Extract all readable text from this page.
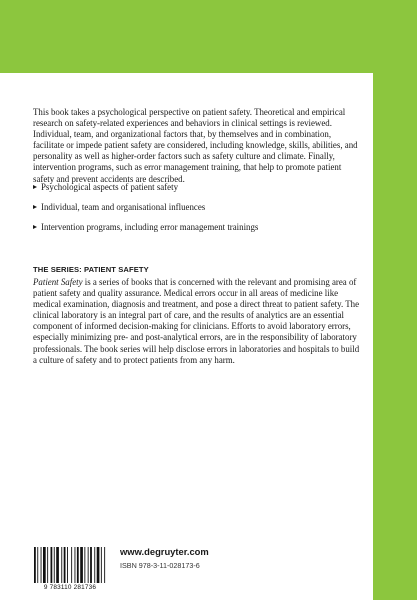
This book takes a psychological perspective on patient safety. Theoretical and empirical research on safety-related experiences and behaviors in clinical settings is reviewed. Individual, team, and organizational factors that, by themselves and in combination, facilitate or impede patient safety are considered, including knowledge, skills, abilities, and personality as well as higher-order factors such as safety culture and climate. Finally, intervention programs, such as error management training, that help to promote patient safety and prevent accidents are described.

Psychological aspects of patient safety
Individual, team and organisational influences
Intervention programs, including error management trainings
THE SERIES: PATIENT SAFETY

Patient Safety is a series of books that is concerned with the relevant and promising area of patient safety and quality assurance. Medical errors occur in all areas of medicine like medical examination, diagnosis and treatment, and pose a direct threat to patient safety. The clinical laboratory is an integral part of care, and the results of analytics are an essential component of informed decision-making for clinicians. Efforts to avoid laboratory errors, especially minimizing pre- and post-analytical errors, are in the responsibility of laboratory professionals. The book series will help disclose errors in laboratories and hospitals to build a culture of safety and to protect patients from any harm.

9 783110 281736
www.degruyter.com
ISBN 978-3-11-028173-6
